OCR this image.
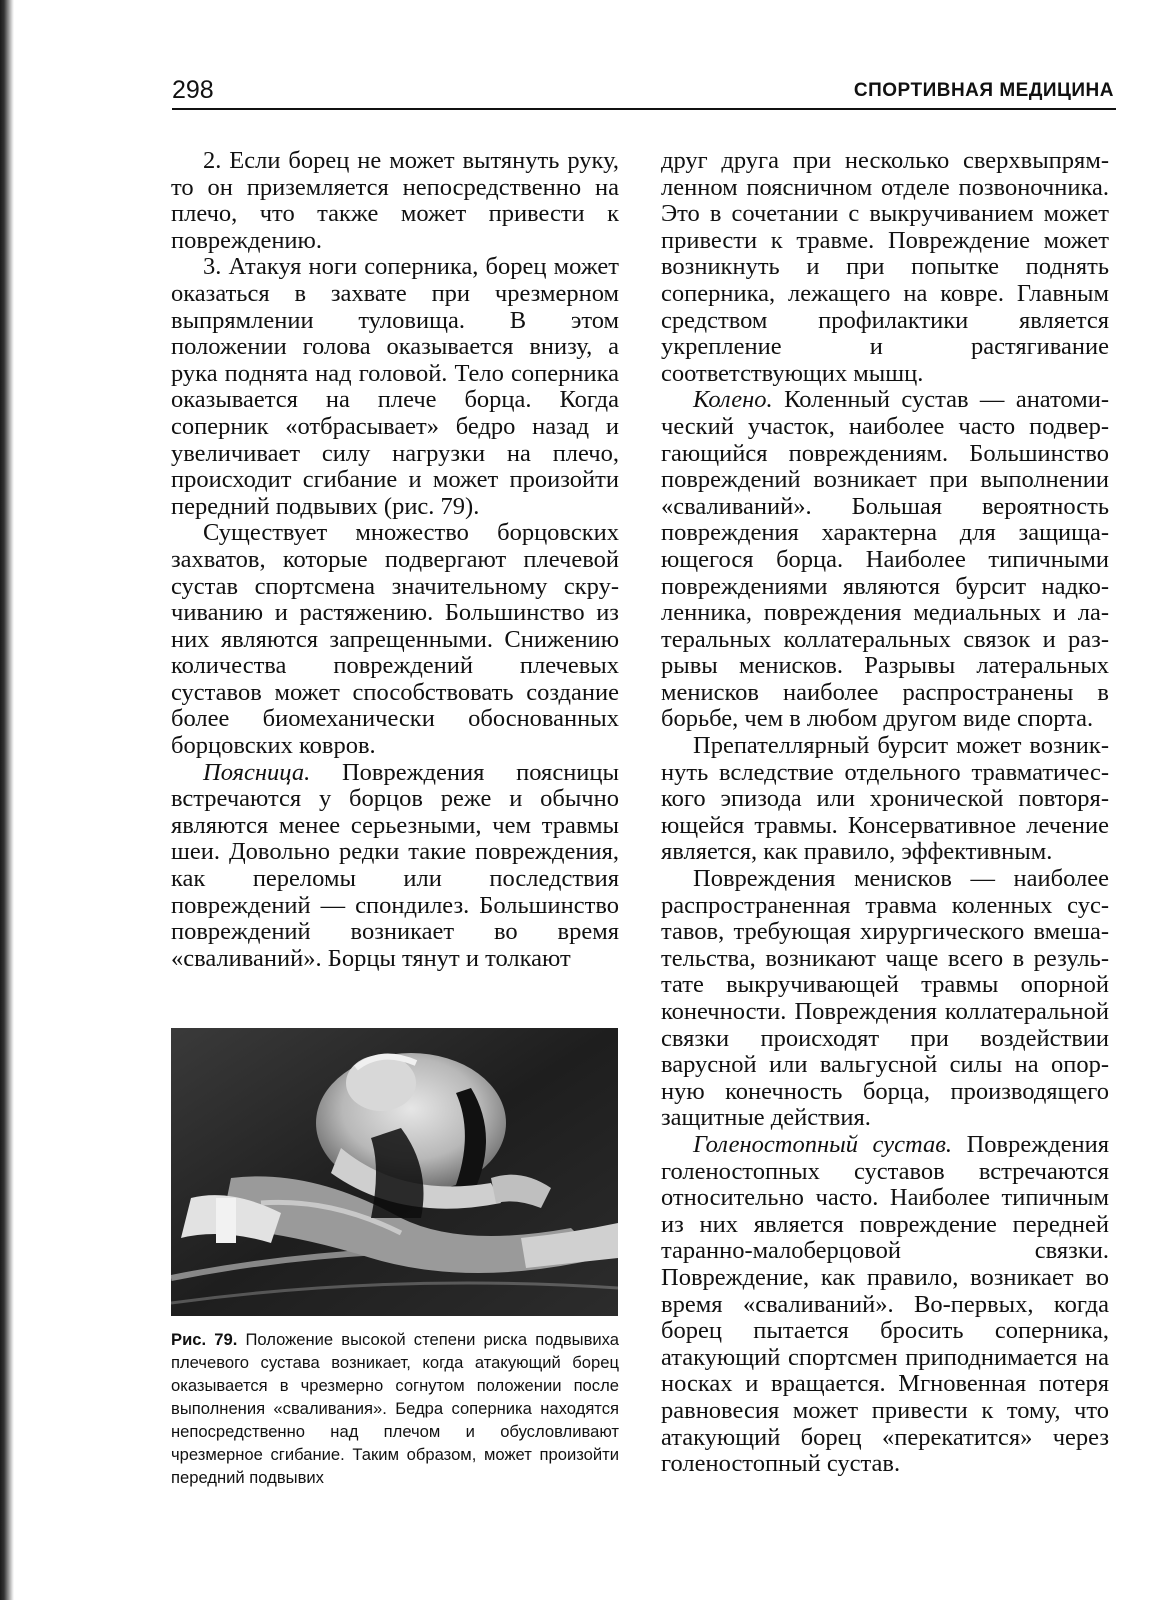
298	СПОРТИВНАЯ МЕДИЦИНА

2. Если борец не может вытянуть руку, то он приземляется непосредственно на плечо, что также может привести к повреждению.

3. Атакуя ноги соперника, борец может оказаться в захвате при чрезмерном выпрямлении туловища. В этом положении голова оказывается внизу, а рука поднята над головой. Тело соперника оказывается на плече борца. Когда соперник «отбрасывает» бедро назад и увеличивает силу нагрузки на плечо, происходит сгибание и может произойти передний подвывих (рис. 79).

Существует множество борцовских захватов, которые подвергают плечевой сустав спортсмена значительному скручиванию и растяжению. Большинство из них являются запрещенными. Снижению количества повреждений плечевых суставов может способствовать создание более биомеханически обоснованных борцовских ковров.

Поясница. Повреждения поясницы встречаются у борцов реже и обычно являются менее серьезными, чем травмы шеи. Довольно редки такие повреждения, как переломы или последствия повреждений — спондилез. Большинство повреждений возникает во время «сваливаний». Борцы тянут и толкают

Рис. 79. Положение высокой степени риска подвывиха плечевого сустава возникает, когда атакующий борец оказывается в чрезмерно согнутом положении после выполнения «сваливания». Бедра соперника находятся непосредственно над плечом и обусловливают чрезмерное сгибание. Таким образом, может произойти передний подвывих

друг друга при несколько сверхвыпрямленном поясничном отделе позвоночника. Это в сочетании с выкручиванием может привести к травме. Повреждение может возникнуть и при попытке поднять соперника, лежащего на ковре. Главным средством профилактики является укрепление и растягивание соответствующих мышц.

Колено. Коленный сустав — анатомический участок, наиболее часто подвергающийся повреждениям. Большинство повреждений возникает при выполнении «сваливаний». Большая вероятность повреждения характерна для защищающегося борца. Наиболее типичными повреждениями являются бурсит надколенника, повреждения медиальных и латеральных коллатеральных связок и разрывы менисков. Разрывы латеральных менисков наиболее распространены в борьбе, чем в любом другом виде спорта.

Препателлярный бурсит может возникнуть вследствие отдельного травматического эпизода или хронической повторяющейся травмы. Консервативное лечение является, как правило, эффективным.

Повреждения менисков — наиболее распространенная травма коленных суставов, требующая хирургического вмешательства, возникают чаще всего в результате выкручивающей травмы опорной конечности. Повреждения коллатеральной связки происходят при воздействии варусной или вальгусной силы на опорную конечность борца, производящего защитные действия.

Голеностопный сустав. Повреждения голеностопных суставов встречаются относительно часто. Наиболее типичным из них является повреждение передней таранно-малоберцовой связки. Повреждение, как правило, возникает во время «сваливаний». Во-первых, когда борец пытается бросить соперника, атакующий спортсмен приподнимается на носках и вращается. Мгновенная потеря равновесия может привести к тому, что атакующий борец «перекатится» через голеностопный сустав.
